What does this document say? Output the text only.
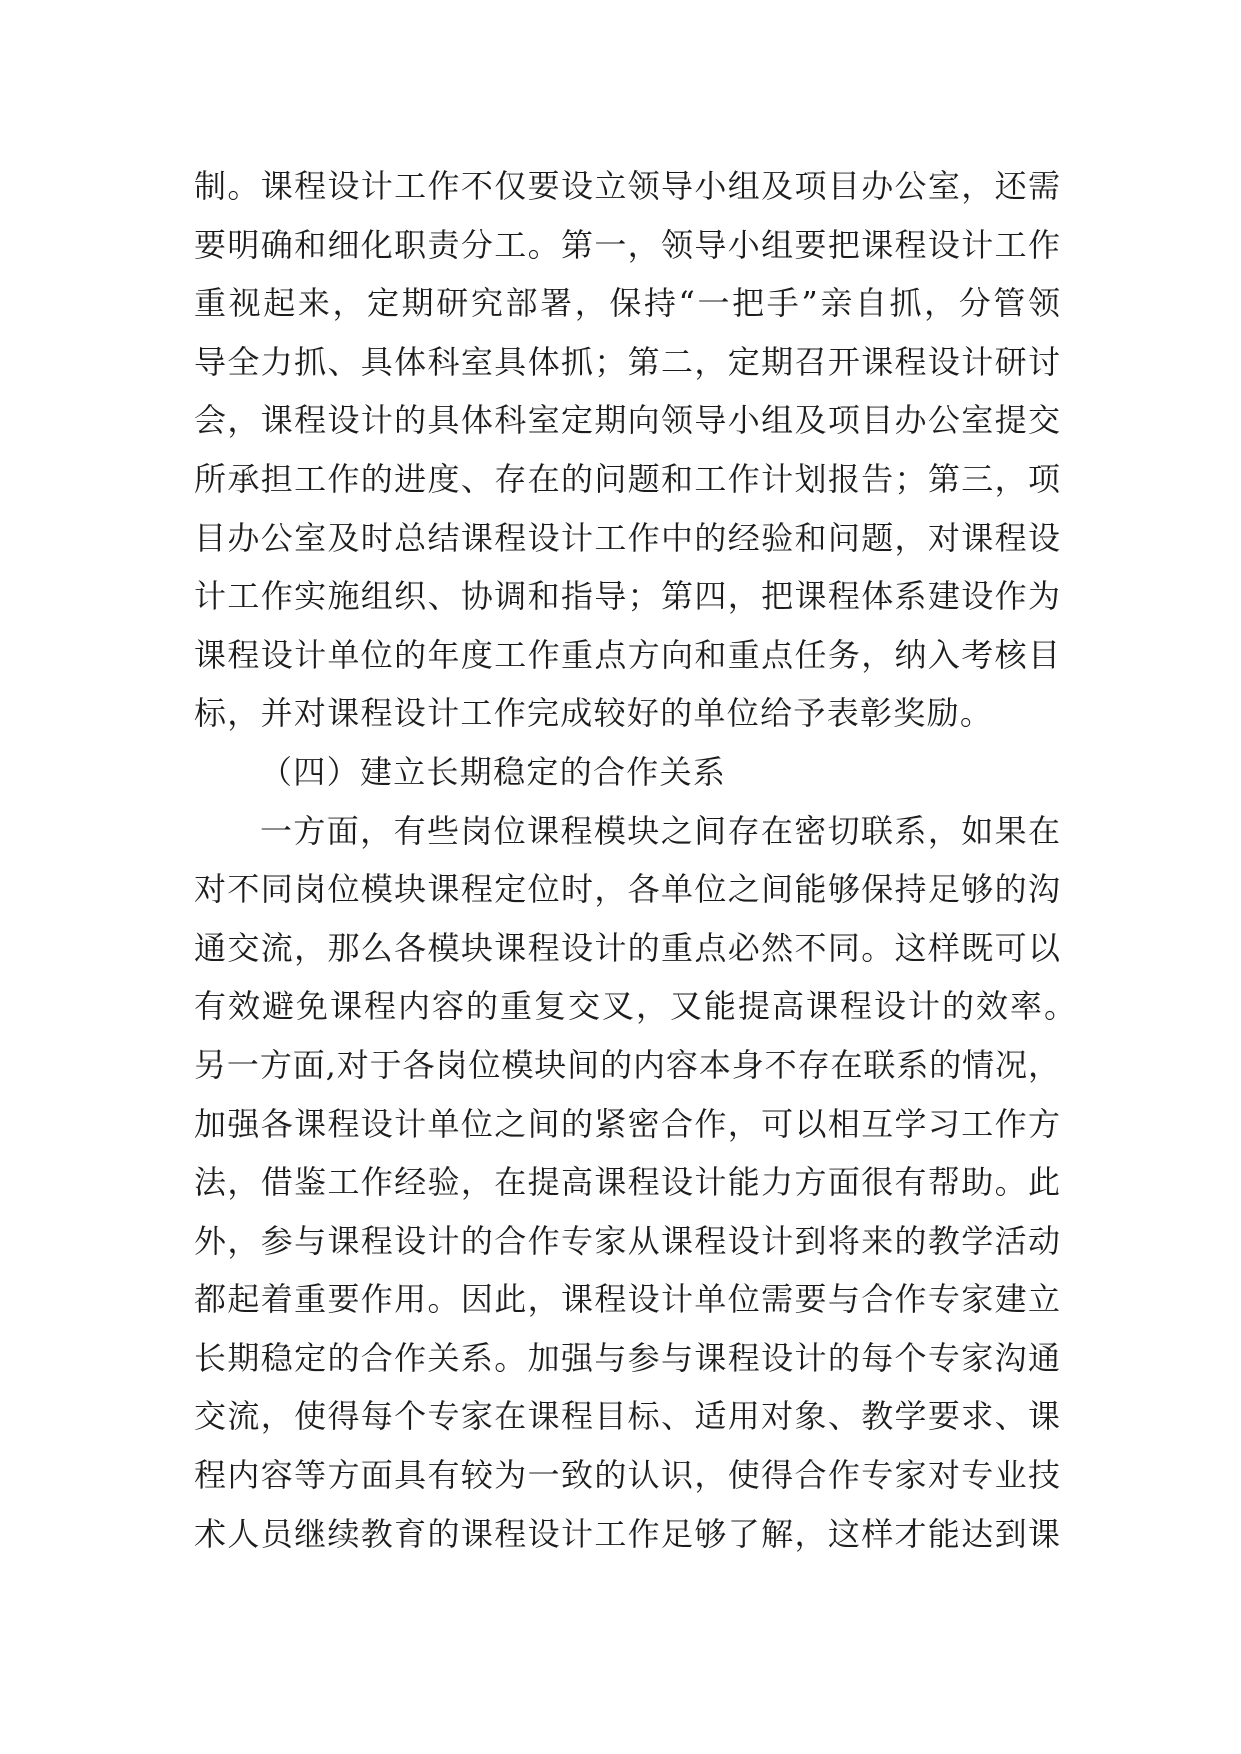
制。课程设计工作不仅要设立领导小组及项目办公室，还需
要明确和细化职责分工。第一，领导小组要把课程设计工作
重视起来，定期研究部署，保持“一把手”亲自抓，分管领
导全力抓、具体科室具体抓；第二，定期召开课程设计研讨
会，课程设计的具体科室定期向领导小组及项目办公室提交
所承担工作的进度、存在的问题和工作计划报告；第三，项
目办公室及时总结课程设计工作中的经验和问题，对课程设
计工作实施组织、协调和指导；第四，把课程体系建设作为
课程设计单位的年度工作重点方向和重点任务，纳入考核目
标，并对课程设计工作完成较好的单位给予表彰奖励。
（四）建立长期稳定的合作关系
一方面，有些岗位课程模块之间存在密切联系，如果在
对不同岗位模块课程定位时，各单位之间能够保持足够的沟
通交流，那么各模块课程设计的重点必然不同。这样既可以
有效避免课程内容的重复交叉，又能提高课程设计的效率。
另一方面,对于各岗位模块间的内容本身不存在联系的情况，
加强各课程设计单位之间的紧密合作，可以相互学习工作方
法，借鉴工作经验，在提高课程设计能力方面很有帮助。此
外，参与课程设计的合作专家从课程设计到将来的教学活动
都起着重要作用。因此，课程设计单位需要与合作专家建立
长期稳定的合作关系。加强与参与课程设计的每个专家沟通
交流，使得每个专家在课程目标、适用对象、教学要求、课
程内容等方面具有较为一致的认识，使得合作专家对专业技
术人员继续教育的课程设计工作足够了解，这样才能达到课
